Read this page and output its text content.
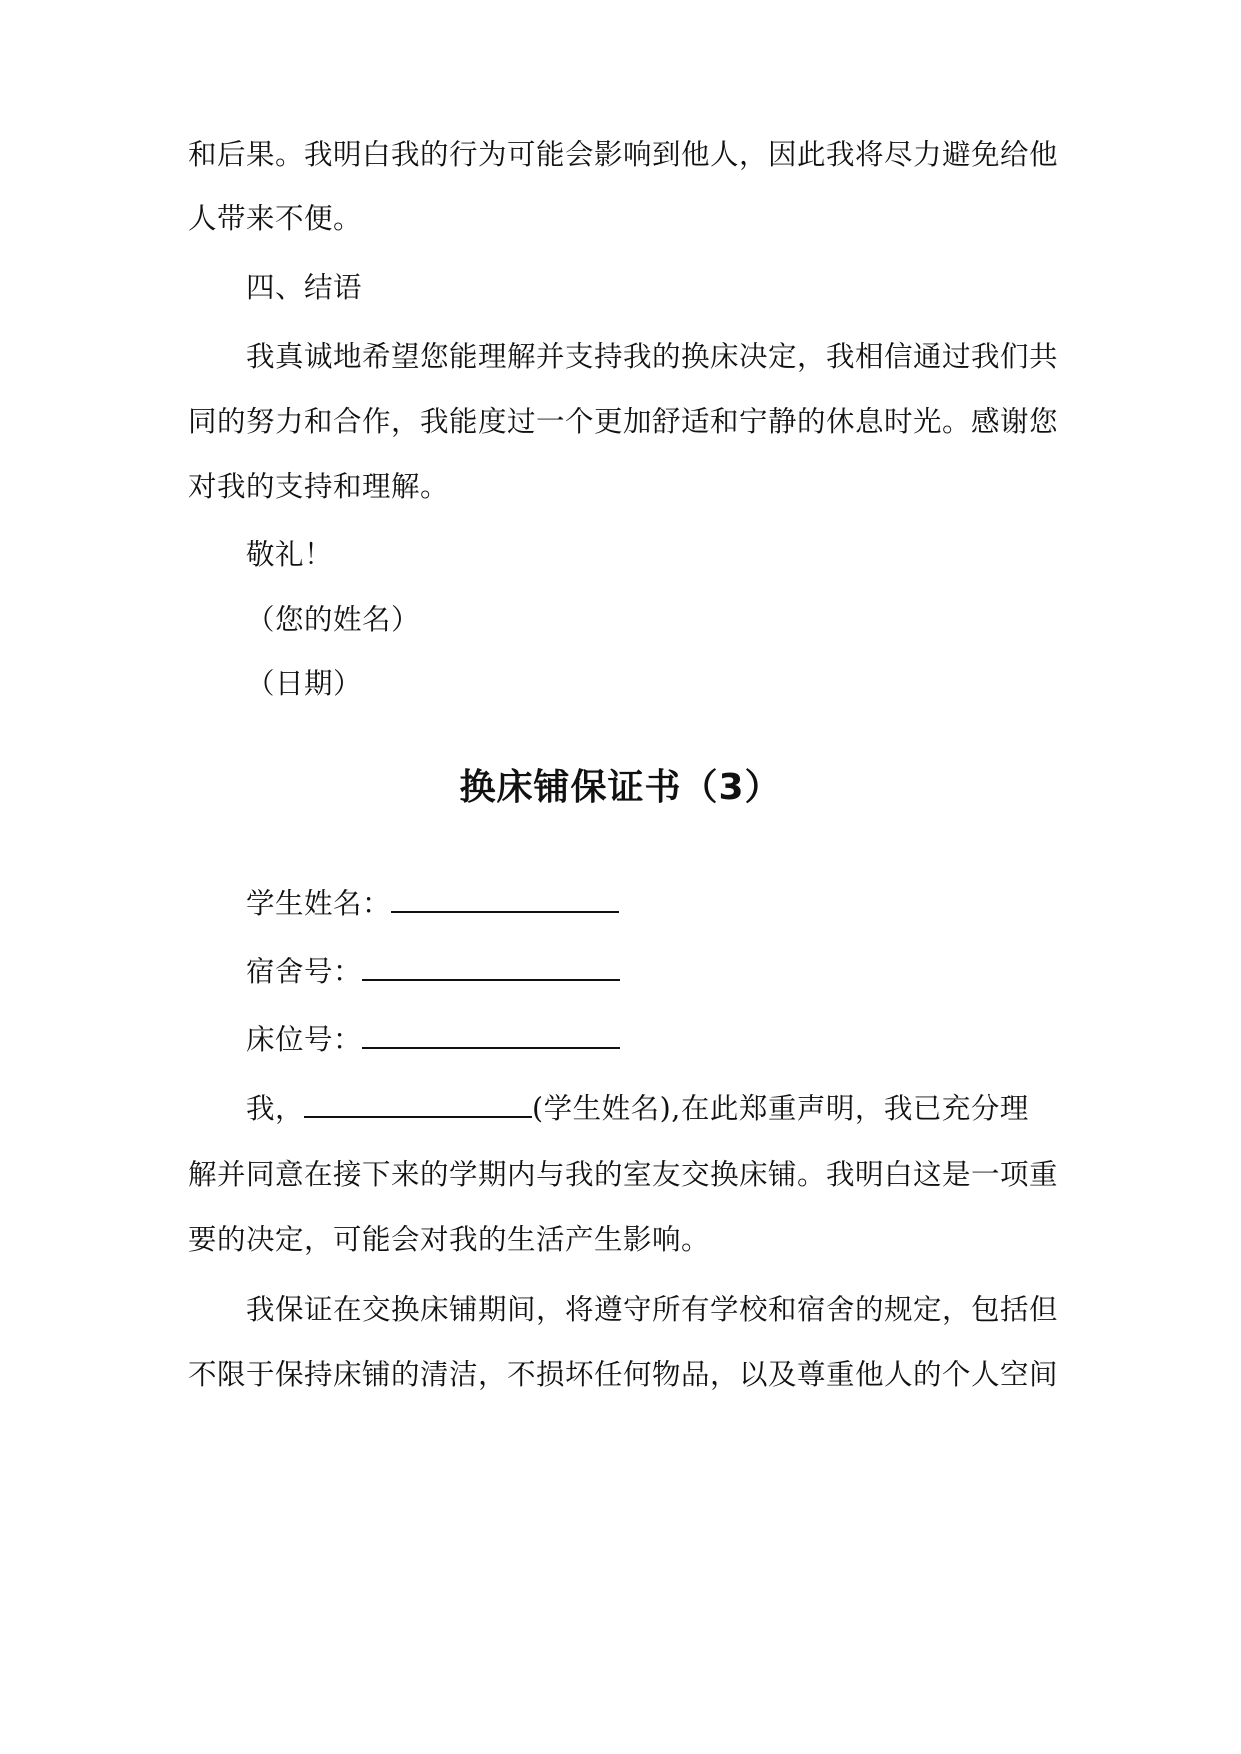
和后果。我明白我的行为可能会影响到他人，因此我将尽力避免给他
人带来不便。
四、结语
我真诚地希望您能理解并支持我的换床决定，我相信通过我们共
同的努力和合作，我能度过一个更加舒适和宁静的休息时光。感谢您
对我的支持和理解。
敬礼！
（您的姓名）
（日期）
换床铺保证书（3）
学生姓名：
宿舍号：
床位号：
我，	(学生姓名),在此郑重声明，我已充分理
解并同意在接下来的学期内与我的室友交换床铺。我明白这是一项重
要的决定，可能会对我的生活产生影响。
我保证在交换床铺期间，将遵守所有学校和宿舍的规定，包括但
不限于保持床铺的清洁，不损坏任何物品，以及尊重他人的个人空间
